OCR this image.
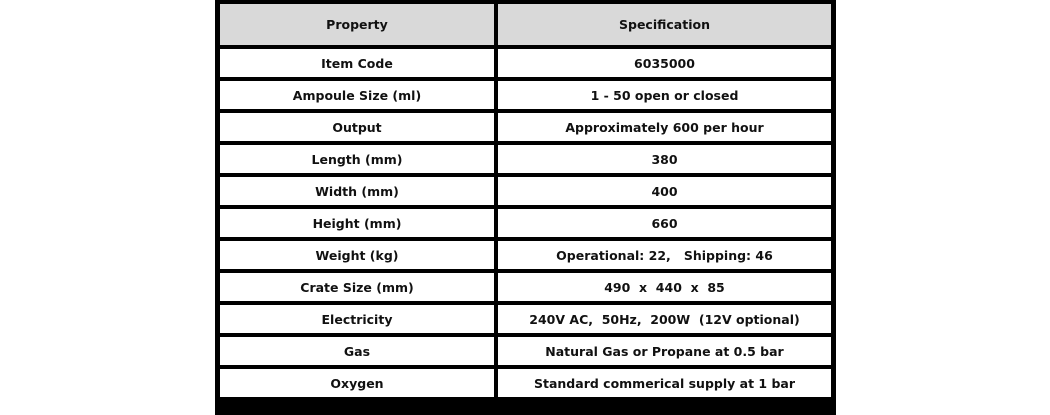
Property	Specification
Item Code	6035000
Ampoule Size (ml)	1 - 50 open or closed
Output	Approximately 600 per hour
Length (mm)	380
Width (mm)	400
Height (mm)	660
Weight (kg)	Operational: 22,   Shipping: 46
Crate Size (mm)	490  x  440  x  85
Electricity	240V AC,  50Hz,  200W  (12V optional)
Gas	Natural Gas or Propane at 0.5 bar
Oxygen	Standard commerical supply at 1 bar
